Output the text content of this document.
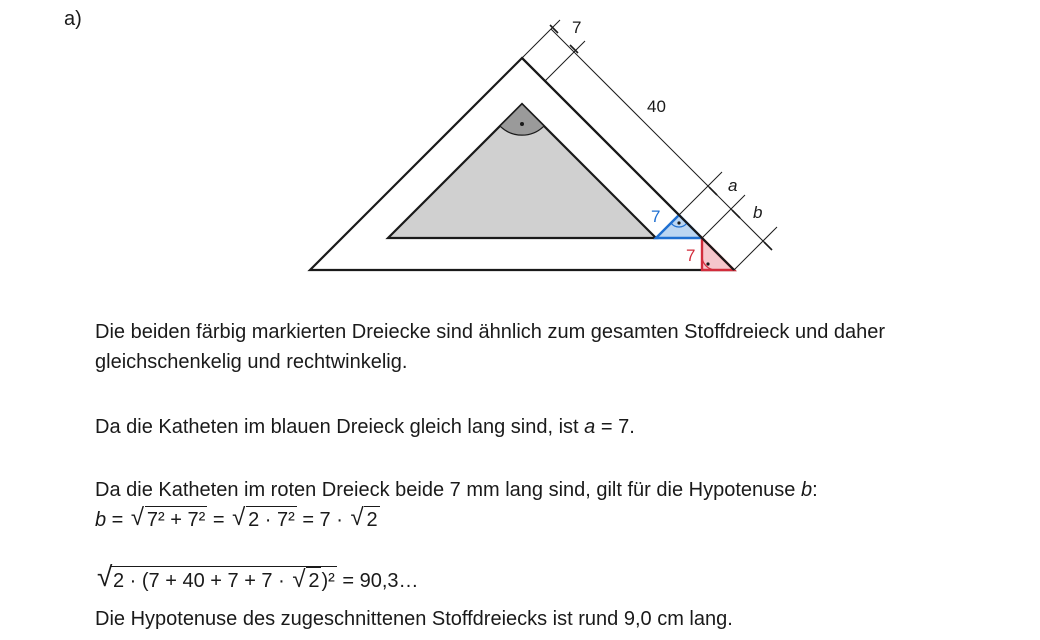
a)	7
40
a
b
7
7
Die beiden färbig markierten Dreiecke sind ähnlich zum gesamten Stoffdreieck und daher
gleichschenkelig und rechtwinkelig.
Da die Katheten im blauen Dreieck gleich lang sind, ist a = 7.
Da die Katheten im roten Dreieck beide 7 mm lang sind, gilt für die Hypotenuse b:
b = √ 7² + 7² = √ 2 · 7² = 7 · √ 2
√ 2 · (7 + 40 + 7 + 7 · √ 2 )² = 90,3…
Die Hypotenuse des zugeschnittenen Stoffdreiecks ist rund 9,0 cm lang.
